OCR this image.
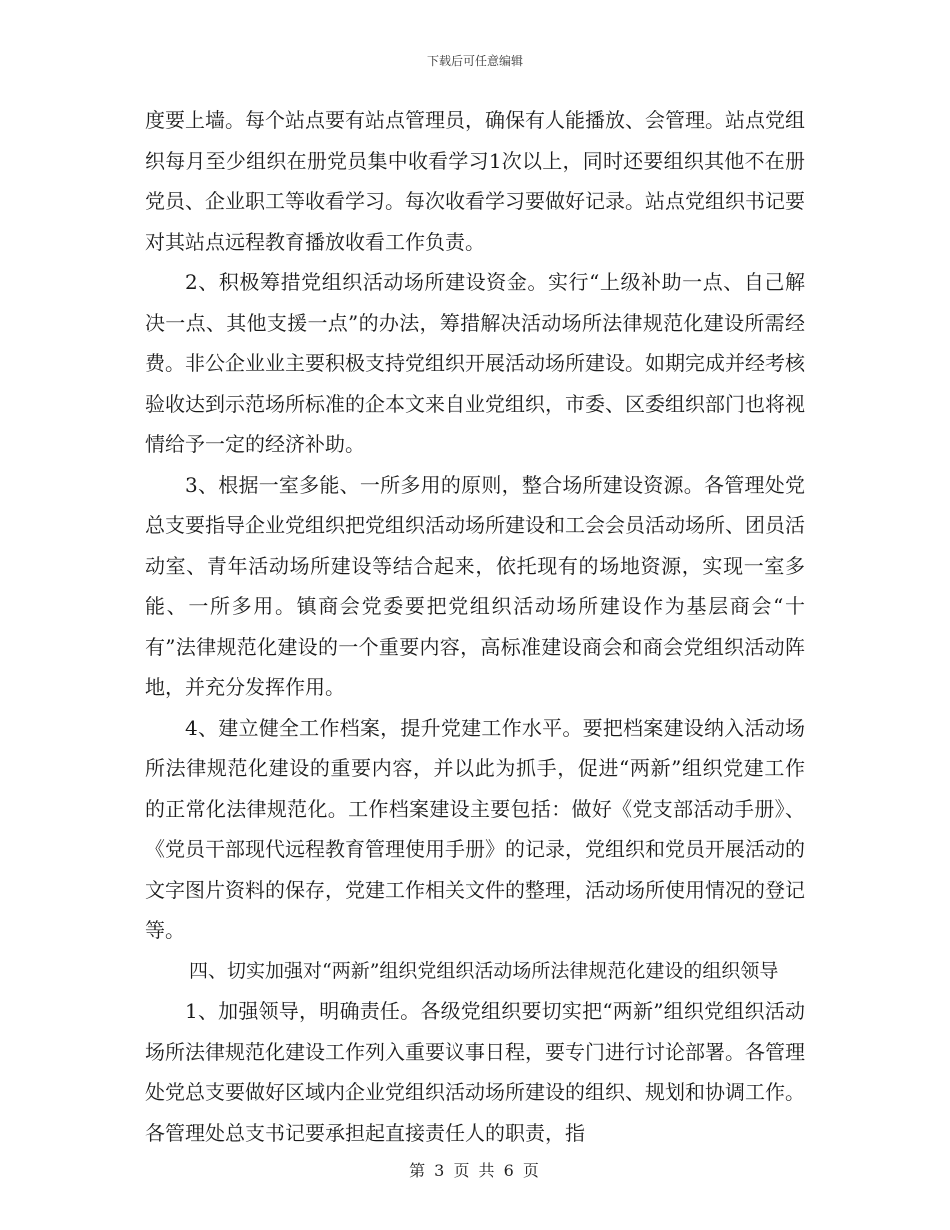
下载后可任意编辑

度要上墙。每个站点要有站点管理员，确保有人能播放、会管理。站点党组织每月至少组织在册党员集中收看学习1次以上，同时还要组织其他不在册党员、企业职工等收看学习。每次收看学习要做好记录。站点党组织书记要对其站点远程教育播放收看工作负责。

2、积极筹措党组织活动场所建设资金。实行“上级补助一点、自己解决一点、其他支援一点”的办法，筹措解决活动场所法律规范化建设所需经费。非公企业业主要积极支持党组织开展活动场所建设。如期完成并经考核验收达到示范场所标准的企本文来自业党组织，市委、区委组织部门也将视情给予一定的经济补助。

3、根据一室多能、一所多用的原则，整合场所建设资源。各管理处党总支要指导企业党组织把党组织活动场所建设和工会会员活动场所、团员活动室、青年活动场所建设等结合起来，依托现有的场地资源，实现一室多能、一所多用。镇商会党委要把党组织活动场所建设作为基层商会“十有”法律规范化建设的一个重要内容，高标准建设商会和商会党组织活动阵地，并充分发挥作用。

4、建立健全工作档案，提升党建工作水平。要把档案建设纳入活动场所法律规范化建设的重要内容，并以此为抓手，促进“两新”组织党建工作的正常化法律规范化。工作档案建设主要包括：做好《党支部活动手册》、《党员干部现代远程教育管理使用手册》的记录，党组织和党员开展活动的文字图片资料的保存，党建工作相关文件的整理，活动场所使用情况的登记等。

四、切实加强对“两新”组织党组织活动场所法律规范化建设的组织领导

1、加强领导，明确责任。各级党组织要切实把“两新”组织党组织活动场所法律规范化建设工作列入重要议事日程，要专门进行讨论部署。各管理处党总支要做好区域内企业党组织活动场所建设的组织、规划和协调工作。各管理处总支书记要承担起直接责任人的职责，指

第 3 页 共 6 页
